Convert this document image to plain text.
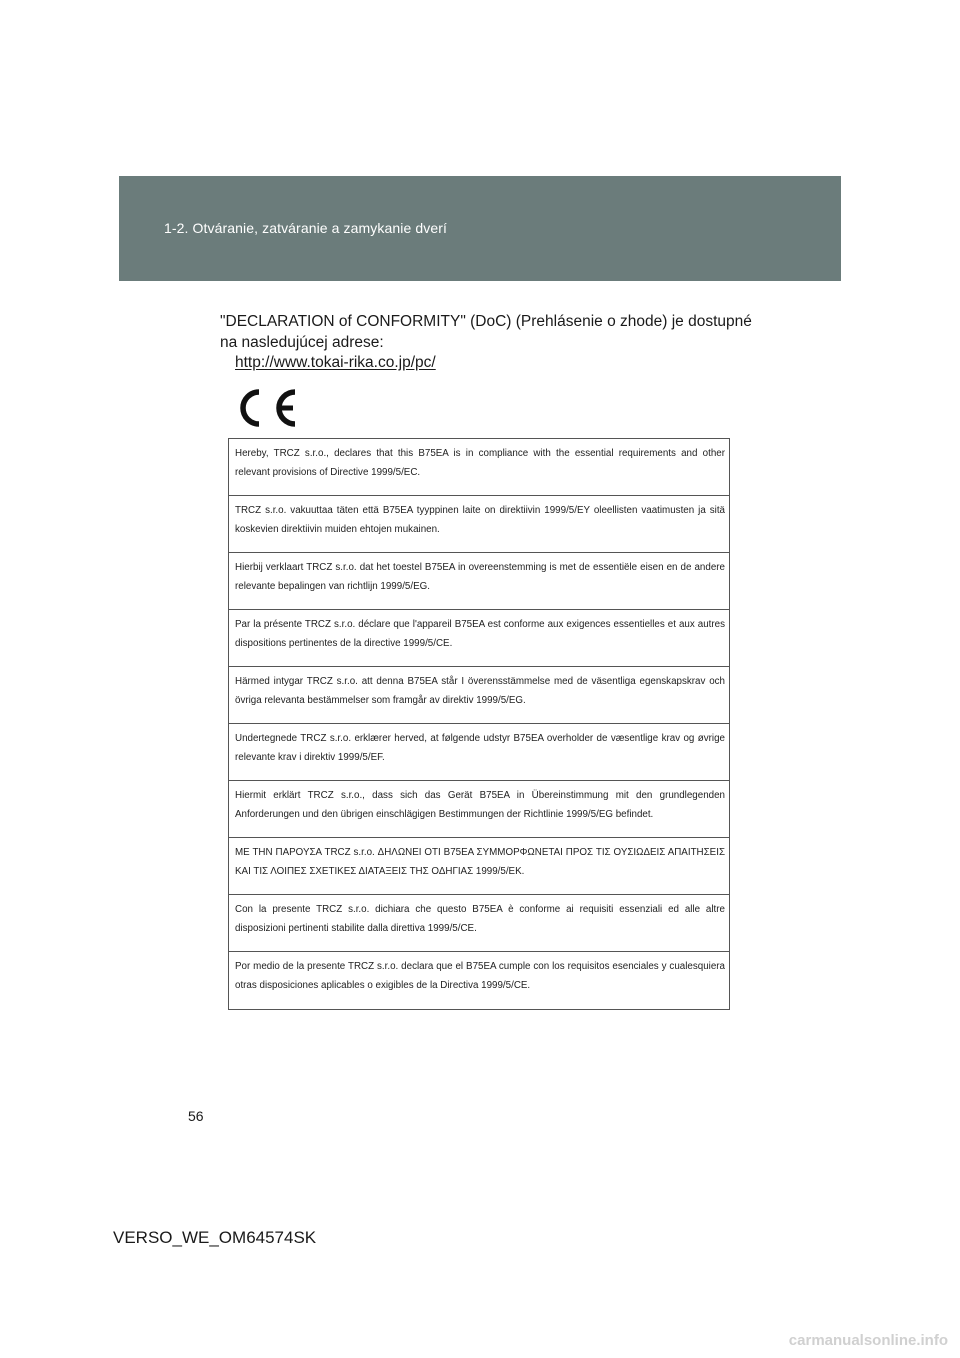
1-2. Otváranie, zatváranie a zamykanie dverí
"DECLARATION of CONFORMITY" (DoC) (Prehlásenie o zhode) je dostupné na nasledujúcej adrese:
http://www.tokai-rika.co.jp/pc/
Hereby, TRCZ s.r.o., declares that this B75EA is in compliance with the essential requirements and other relevant provisions of Directive 1999/5/EC.
TRCZ s.r.o. vakuuttaa täten että B75EA tyyppinen laite on direktiivin 1999/5/EY oleellisten vaatimusten ja sitä koskevien direktiivin muiden ehtojen mukainen.
Hierbij verklaart TRCZ s.r.o. dat het toestel B75EA in overeenstemming is met de essentiële eisen en de andere relevante bepalingen van richtlijn 1999/5/EG.
Par la présente TRCZ s.r.o. déclare que l'appareil B75EA est conforme aux exigences essentielles et aux autres dispositions pertinentes de la directive 1999/5/CE.
Härmed intygar TRCZ s.r.o. att denna B75EA står I överensstämmelse med de väsentliga egenskapskrav och övriga relevanta bestämmelser som framgår av direktiv 1999/5/EG.
Undertegnede TRCZ s.r.o. erklærer herved, at følgende udstyr B75EA overholder de væsentlige krav og øvrige relevante krav i direktiv 1999/5/EF.
Hiermit erklärt TRCZ s.r.o., dass sich das Gerät B75EA in Übereinstimmung mit den grundlegenden Anforderungen und den übrigen einschlägigen Bestimmungen der Richtlinie 1999/5/EG befindet.
ΜΕ ΤΗΝ ΠΑΡΟΥΣΑ TRCZ s.r.o. ΔΗΛΩΝΕΙ ΟΤΙ B75EA ΣΥΜΜΟΡΦΩΝΕΤΑΙ ΠΡΟΣ ΤΙΣ ΟΥΣΙΩΔΕΙΣ ΑΠΑΙΤΗΣΕΙΣ ΚΑΙ ΤΙΣ ΛΟΙΠΕΣ ΣΧΕΤΙΚΕΣ ΔΙΑΤΑΞΕΙΣ ΤΗΣ ΟΔΗΓΙΑΣ 1999/5/ΕΚ.
Con la presente TRCZ s.r.o. dichiara che questo B75EA è conforme ai requisiti essenziali ed alle altre disposizioni pertinenti stabilite dalla direttiva 1999/5/CE.
Por medio de la presente TRCZ s.r.o. declara que el B75EA cumple con los requisitos esenciales y cualesquiera otras disposiciones aplicables o exigibles de la Directiva 1999/5/CE.
56
VERSO_WE_OM64574SK
carmanualsonline.info
